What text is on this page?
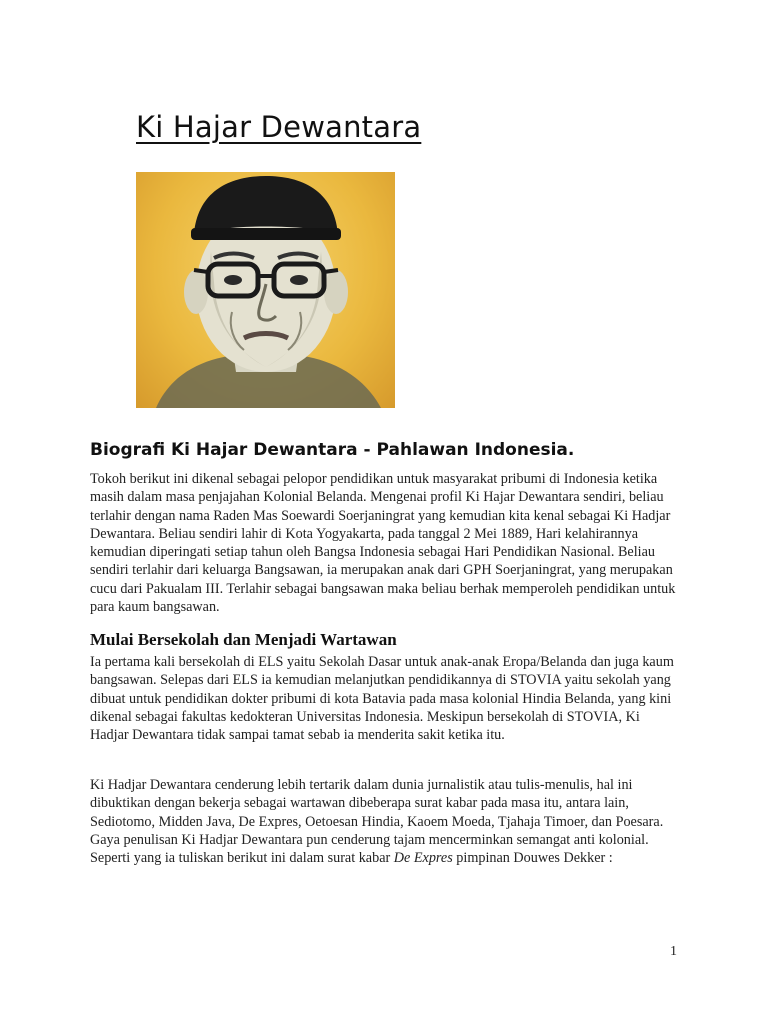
Ki Hajar Dewantara
Biografi Ki Hajar Dewantara - Pahlawan Indonesia.

Tokoh berikut ini dikenal sebagai pelopor pendidikan untuk masyarakat pribumi di Indonesia ketika masih dalam masa penjajahan Kolonial Belanda. Mengenai profil Ki Hajar Dewantara sendiri, beliau terlahir dengan nama Raden Mas Soewardi Soerjaningrat yang kemudian kita kenal sebagai Ki Hadjar Dewantara. Beliau sendiri lahir di Kota Yogyakarta, pada tanggal 2 Mei 1889, Hari kelahirannya kemudian diperingati setiap tahun oleh Bangsa Indonesia sebagai Hari Pendidikan Nasional. Beliau sendiri terlahir dari keluarga Bangsawan, ia merupakan anak dari GPH Soerjaningrat, yang merupakan cucu dari Pakualam III. Terlahir sebagai bangsawan maka beliau berhak memperoleh pendidikan untuk para kaum bangsawan.

Mulai Bersekolah dan Menjadi Wartawan

Ia pertama kali bersekolah di ELS yaitu Sekolah Dasar untuk anak-anak Eropa/Belanda dan juga kaum bangsawan. Selepas dari ELS ia kemudian melanjutkan pendidikannya di STOVIA yaitu sekolah yang dibuat untuk pendidikan dokter pribumi di kota Batavia pada masa kolonial Hindia Belanda, yang kini dikenal sebagai fakultas kedokteran Universitas Indonesia. Meskipun bersekolah di STOVIA, Ki Hadjar Dewantara tidak sampai tamat sebab ia menderita sakit ketika itu.

Ki Hadjar Dewantara cenderung lebih tertarik dalam dunia jurnalistik atau tulis-menulis, hal ini dibuktikan dengan bekerja sebagai wartawan dibeberapa surat kabar pada masa itu, antara lain, Sediotomo, Midden Java, De Expres, Oetoesan Hindia, Kaoem Moeda, Tjahaja Timoer, dan Poesara. Gaya penulisan Ki Hadjar Dewantara pun cenderung tajam mencerminkan semangat anti kolonial. Seperti yang ia tuliskan berikut ini dalam surat kabar De Expres pimpinan Douwes Dekker :

1
